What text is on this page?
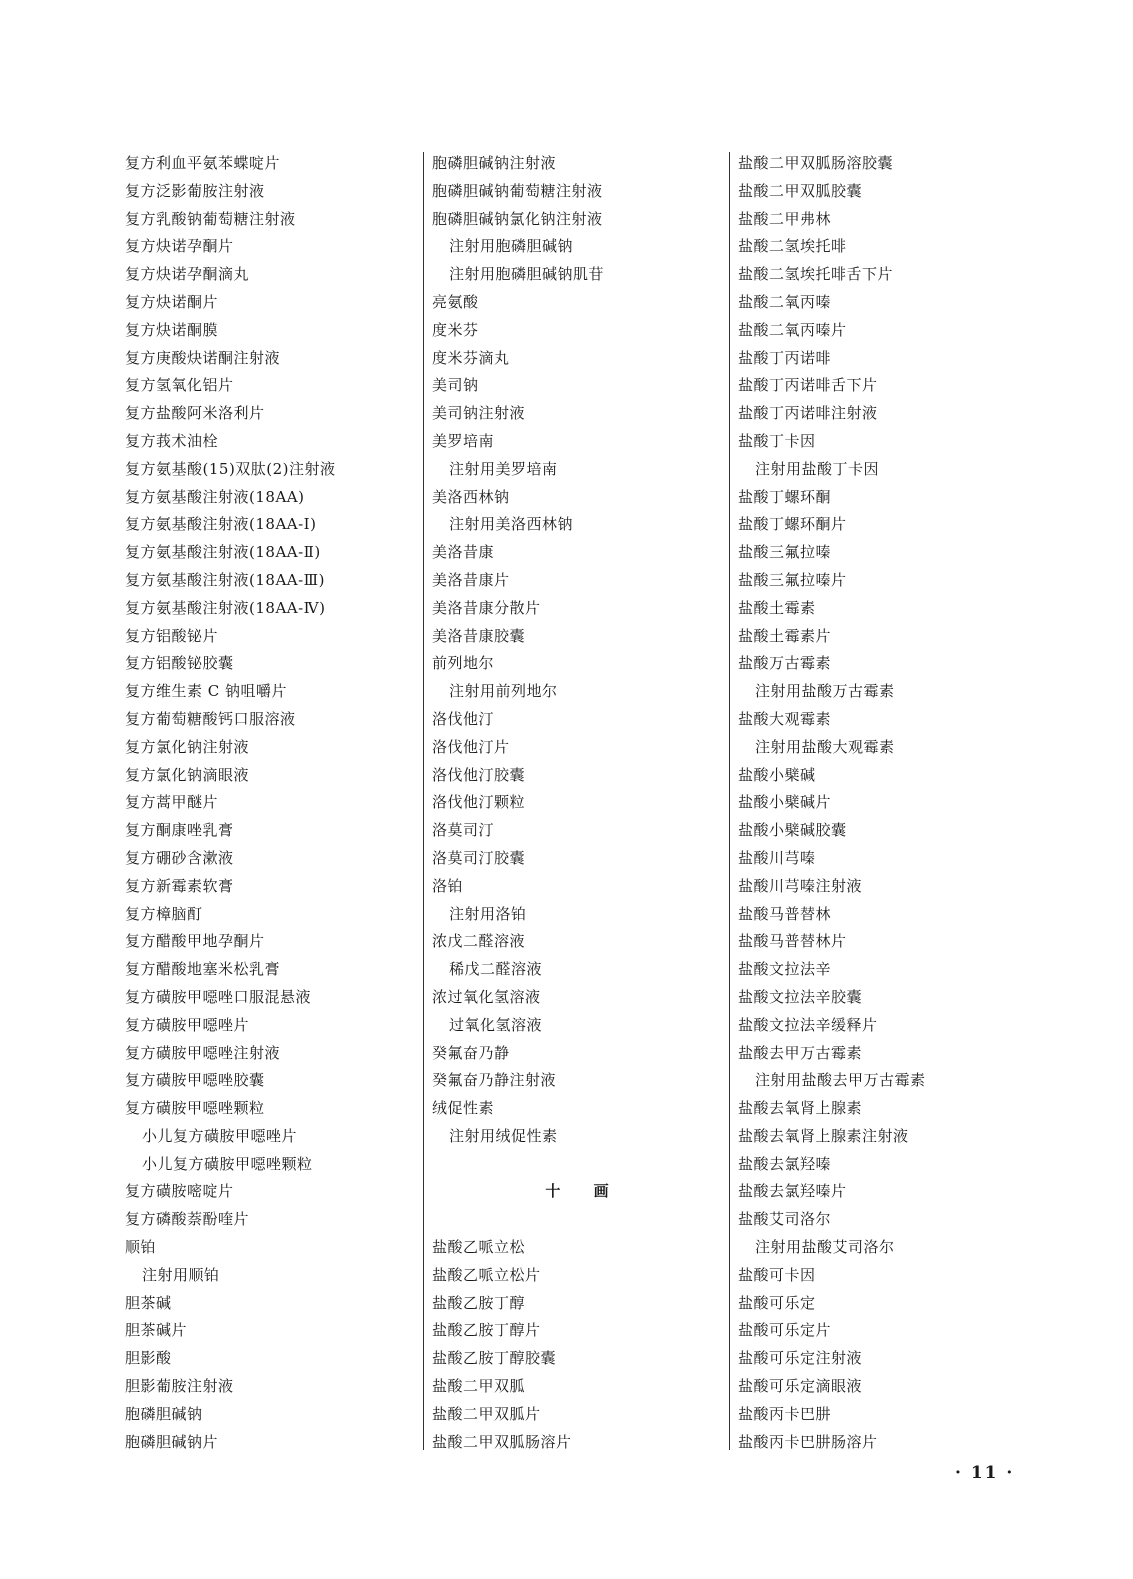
复方利血平氨苯蝶啶片
复方泛影葡胺注射液
复方乳酸钠葡萄糖注射液
复方炔诺孕酮片
复方炔诺孕酮滴丸
复方炔诺酮片
复方炔诺酮膜
复方庚酸炔诺酮注射液
复方氢氧化铝片
复方盐酸阿米洛利片
复方莪术油栓
复方氨基酸(15)双肽(2)注射液
复方氨基酸注射液(18AA)
复方氨基酸注射液(18AA-Ⅰ)
复方氨基酸注射液(18AA-Ⅱ)
复方氨基酸注射液(18AA-Ⅲ)
复方氨基酸注射液(18AA-Ⅳ)
复方铝酸铋片
复方铝酸铋胶囊
复方维生素 C 钠咀嚼片
复方葡萄糖酸钙口服溶液
复方氯化钠注射液
复方氯化钠滴眼液
复方蒿甲醚片
复方酮康唑乳膏
复方硼砂含漱液
复方新霉素软膏
复方樟脑酊
复方醋酸甲地孕酮片
复方醋酸地塞米松乳膏
复方磺胺甲噁唑口服混悬液
复方磺胺甲噁唑片
复方磺胺甲噁唑注射液
复方磺胺甲噁唑胶囊
复方磺胺甲噁唑颗粒
小儿复方磺胺甲噁唑片
小儿复方磺胺甲噁唑颗粒
复方磺胺嘧啶片
复方磷酸萘酚喹片
顺铂
注射用顺铂
胆茶碱
胆茶碱片
胆影酸
胆影葡胺注射液
胞磷胆碱钠
胞磷胆碱钠片
胞磷胆碱钠注射液
胞磷胆碱钠葡萄糖注射液
胞磷胆碱钠氯化钠注射液
注射用胞磷胆碱钠
注射用胞磷胆碱钠肌苷
亮氨酸
度米芬
度米芬滴丸
美司钠
美司钠注射液
美罗培南
注射用美罗培南
美洛西林钠
注射用美洛西林钠
美洛昔康
美洛昔康片
美洛昔康分散片
美洛昔康胶囊
前列地尔
注射用前列地尔
洛伐他汀
洛伐他汀片
洛伐他汀胶囊
洛伐他汀颗粒
洛莫司汀
洛莫司汀胶囊
洛铂
注射用洛铂
浓戊二醛溶液
稀戊二醛溶液
浓过氧化氢溶液
过氧化氢溶液
癸氟奋乃静
癸氟奋乃静注射液
绒促性素
注射用绒促性素
十 画
盐酸乙哌立松
盐酸乙哌立松片
盐酸乙胺丁醇
盐酸乙胺丁醇片
盐酸乙胺丁醇胶囊
盐酸二甲双胍
盐酸二甲双胍片
盐酸二甲双胍肠溶片
盐酸二甲双胍肠溶胶囊
盐酸二甲双胍胶囊
盐酸二甲弗林
盐酸二氢埃托啡
盐酸二氢埃托啡舌下片
盐酸二氧丙嗪
盐酸二氧丙嗪片
盐酸丁丙诺啡
盐酸丁丙诺啡舌下片
盐酸丁丙诺啡注射液
盐酸丁卡因
注射用盐酸丁卡因
盐酸丁螺环酮
盐酸丁螺环酮片
盐酸三氟拉嗪
盐酸三氟拉嗪片
盐酸土霉素
盐酸土霉素片
盐酸万古霉素
注射用盐酸万古霉素
盐酸大观霉素
注射用盐酸大观霉素
盐酸小檗碱
盐酸小檗碱片
盐酸小檗碱胶囊
盐酸川芎嗪
盐酸川芎嗪注射液
盐酸马普替林
盐酸马普替林片
盐酸文拉法辛
盐酸文拉法辛胶囊
盐酸文拉法辛缓释片
盐酸去甲万古霉素
注射用盐酸去甲万古霉素
盐酸去氧肾上腺素
盐酸去氧肾上腺素注射液
盐酸去氯羟嗪
盐酸去氯羟嗪片
盐酸艾司洛尔
注射用盐酸艾司洛尔
盐酸可卡因
盐酸可乐定
盐酸可乐定片
盐酸可乐定注射液
盐酸可乐定滴眼液
盐酸丙卡巴肼
盐酸丙卡巴肼肠溶片
· 11 ·
